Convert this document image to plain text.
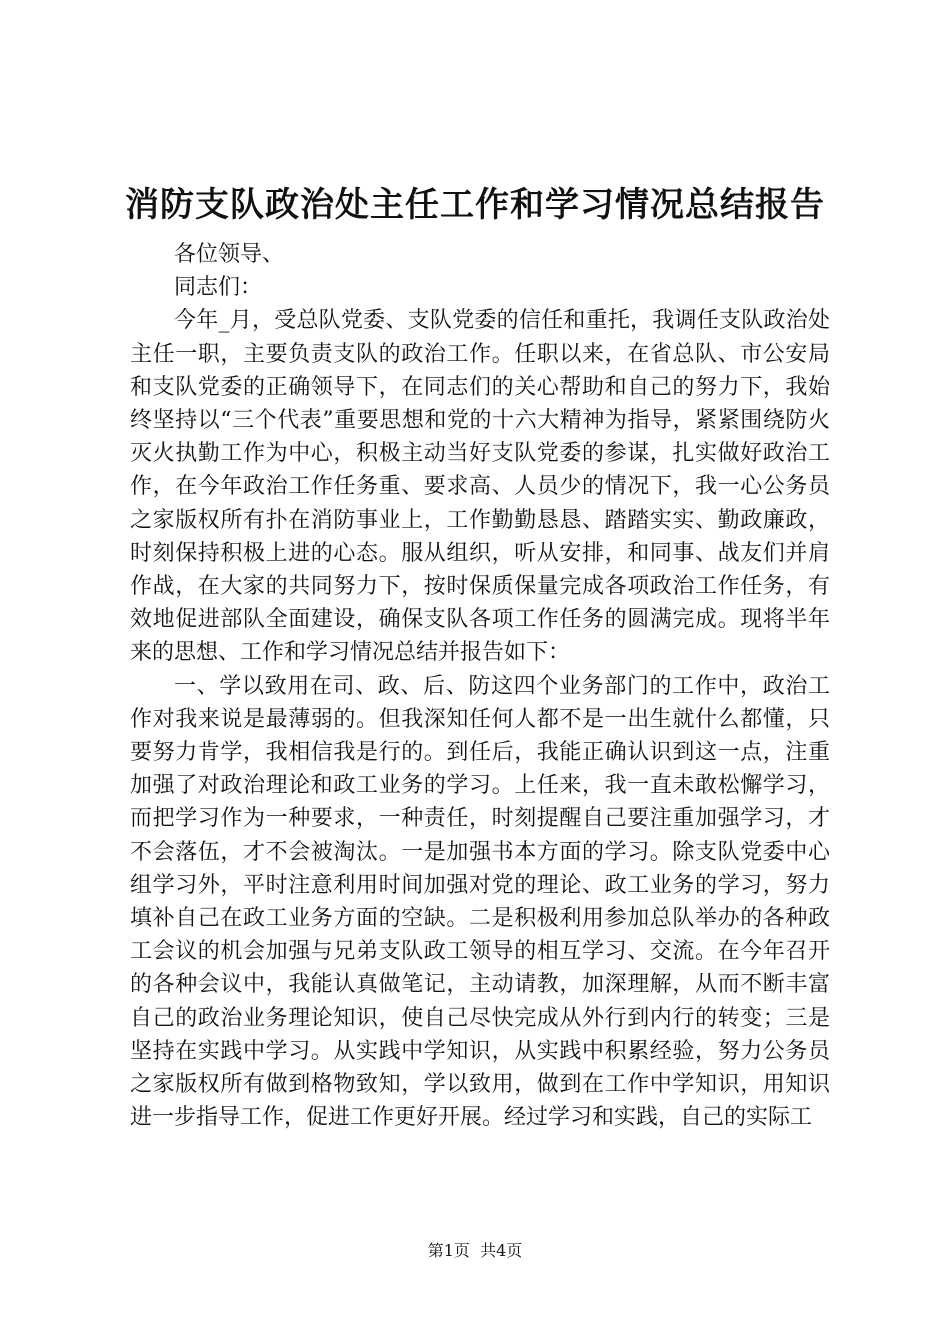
消防支队政治处主任工作和学习情况总结报告

各位领导、

同志们：

今年_月，受总队党委、支队党委的信任和重托，我调任支队政治处主任一职，主要负责支队的政治工作。任职以来，在省总队、市公安局和支队党委的正确领导下，在同志们的关心帮助和自己的努力下，我始终坚持以“三个代表”重要思想和党的十六大精神为指导，紧紧围绕防火灭火执勤工作为中心，积极主动当好支队党委的参谋，扎实做好政治工作，在今年政治工作任务重、要求高、人员少的情况下，我一心公务员之家版权所有扑在消防事业上，工作勤勤恳恳、踏踏实实、勤政廉政，时刻保持积极上进的心态。服从组织，听从安排，和同事、战友们并肩作战，在大家的共同努力下，按时保质保量完成各项政治工作任务，有效地促进部队全面建设，确保支队各项工作任务的圆满完成。现将半年来的思想、工作和学习情况总结并报告如下：

一、学以致用在司、政、后、防这四个业务部门的工作中，政治工作对我来说是最薄弱的。但我深知任何人都不是一出生就什么都懂，只要努力肯学，我相信我是行的。到任后，我能正确认识到这一点，注重加强了对政治理论和政工业务的学习。上任来，我一直未敢松懈学习，而把学习作为一种要求，一种责任，时刻提醒自己要注重加强学习，才不会落伍，才不会被淘汰。一是加强书本方面的学习。除支队党委中心组学习外，平时注意利用时间加强对党的理论、政工业务的学习，努力填补自己在政工业务方面的空缺。二是积极利用参加总队举办的各种政工会议的机会加强与兄弟支队政工领导的相互学习、交流。在今年召开的各种会议中，我能认真做笔记，主动请教，加深理解，从而不断丰富自己的政治业务理论知识，使自己尽快完成从外行到内行的转变；三是坚持在实践中学习。从实践中学知识，从实践中积累经验，努力公务员之家版权所有做到格物致知，学以致用，做到在工作中学知识，用知识进一步指导工作，促进工作更好开展。经过学习和实践，自己的实际工

第1页  共4页
